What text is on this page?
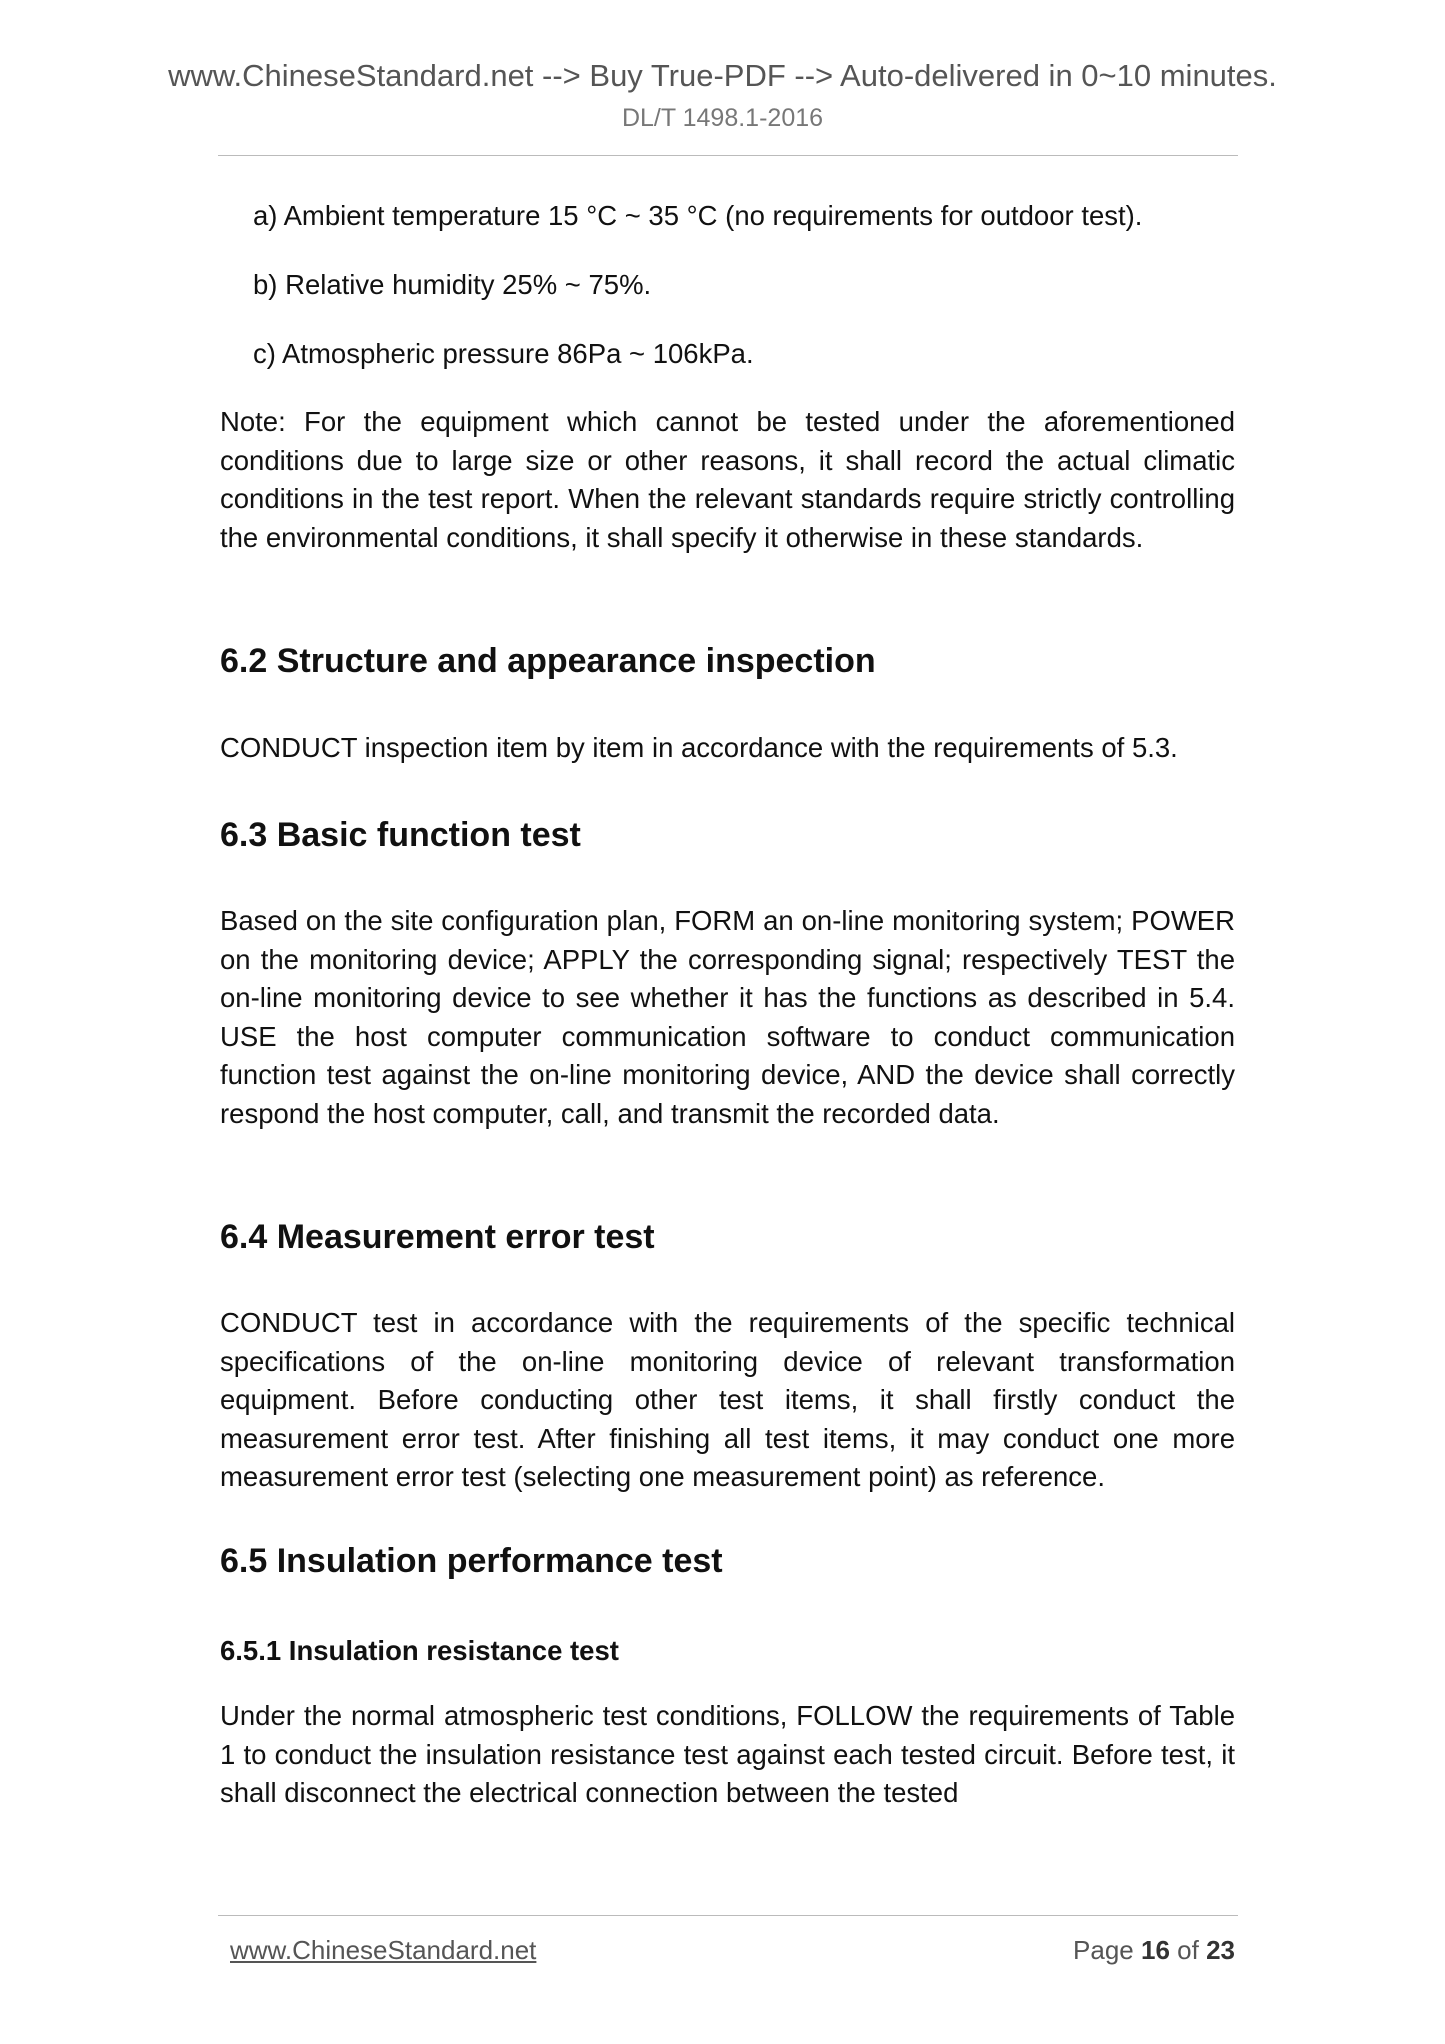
www.ChineseStandard.net --> Buy True-PDF --> Auto-delivered in 0~10 minutes.
DL/T 1498.1-2016
a) Ambient temperature 15 °C ~ 35 °C (no requirements for outdoor test).
b) Relative humidity 25% ~ 75%.
c) Atmospheric pressure 86Pa ~ 106kPa.
Note: For the equipment which cannot be tested under the aforementioned conditions due to large size or other reasons, it shall record the actual climatic conditions in the test report. When the relevant standards require strictly controlling the environmental conditions, it shall specify it otherwise in these standards.
6.2 Structure and appearance inspection
CONDUCT inspection item by item in accordance with the requirements of 5.3.
6.3 Basic function test
Based on the site configuration plan, FORM an on-line monitoring system; POWER on the monitoring device; APPLY the corresponding signal; respectively TEST the on-line monitoring device to see whether it has the functions as described in 5.4. USE the host computer communication software to conduct communication function test against the on-line monitoring device, AND the device shall correctly respond the host computer, call, and transmit the recorded data.
6.4 Measurement error test
CONDUCT test in accordance with the requirements of the specific technical specifications of the on-line monitoring device of relevant transformation equipment. Before conducting other test items, it shall firstly conduct the measurement error test. After finishing all test items, it may conduct one more measurement error test (selecting one measurement point) as reference.
6.5 Insulation performance test
6.5.1 Insulation resistance test
Under the normal atmospheric test conditions, FOLLOW the requirements of Table 1 to conduct the insulation resistance test against each tested circuit. Before test, it shall disconnect the electrical connection between the tested
www.ChineseStandard.net	Page 16 of 23
